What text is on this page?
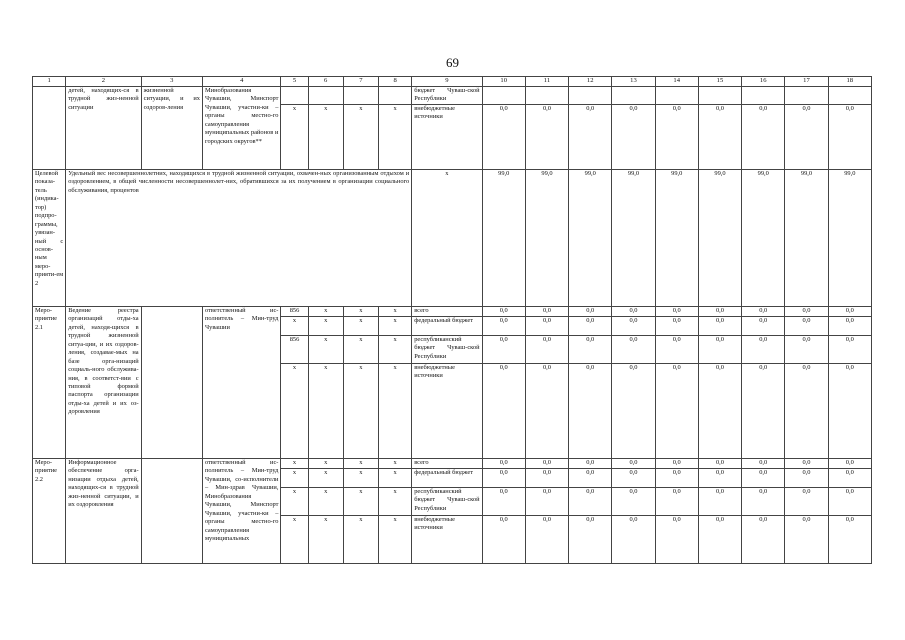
69
1	2	3	4	5	6	7	8	9	10	11	12	13	14	15	16	17	18
	детей, находящих-ся в трудной жиз-ненной ситуации	жизненной ситуации, и их оздоров-ления	Минобразования Чувашии, Минспорт Чувашии, участни-ки – органы местно-го самоуправления муниципальных районов и городских округов**					бюджет Чуваш-ской Республики									
				х	х	х	х	внебюджетные источники	0,0	0,0	0,0	0,0	0,0	0,0	0,0	0,0	0,0
Целевой показа-тель (индика-тор) подпро-граммы, увязан-ный с основ-ным меро-прияти-ем 2	Удельный вес несовершеннолетних, находящихся в трудной жизненной ситуации, охвачен-ных организованным отдыхом и оздоровлением, в общей численности несовершеннолет-них, обратившихся за их получением в организации социального обслуживания, процентов							х	99,0	99,0	99,0	99,0	99,0	99,0	99,0	99,0	99,0
Меро-приятие 2.1	Ведение реестра организаций отды-ха детей, находя-щихся в трудной жизненной ситуа-ции, и их оздоров-ления, создавае-мых на базе орга-низаций социаль-ного обслужива-ния, в соответст-вии с типовой формой паспорта организации отды-ха детей и их оз-доровления		ответственный ис-полнитель – Мин-труд Чувашии	856	х	х	х	всего	0,0	0,0	0,0	0,0	0,0	0,0	0,0	0,0	0,0
				х	х	х	х	федеральный бюджет	0,0	0,0	0,0	0,0	0,0	0,0	0,0	0,0	0,0
				856	х	х	х	республиканский бюджет Чуваш-ской Республики	0,0	0,0	0,0	0,0	0,0	0,0	0,0	0,0	0,0
				х	х	х	х	внебюджетные источники	0,0	0,0	0,0	0,0	0,0	0,0	0,0	0,0	0,0
Меро-приятие 2.2	Информационное обеспечение орга-низации отдыха детей, находящих-ся в трудной жиз-ненной ситуации, и их оздоровления		ответственный ис-полнитель – Мин-труд Чувашии, со-исполнители – Мин-здрав Чувашии, Минобразования Чувашии, Минспорт Чувашии, участни-ки – органы местно-го самоуправления муниципальных	х	х	х	х	всего	0,0	0,0	0,0	0,0	0,0	0,0	0,0	0,0	0,0
				х	х	х	х	федеральный бюджет	0,0	0,0	0,0	0,0	0,0	0,0	0,0	0,0	0,0
				х	х	х	х	республиканский бюджет Чуваш-ской Республики	0,0	0,0	0,0	0,0	0,0	0,0	0,0	0,0	0,0
				х	х	х	х	внебюджетные источники	0,0	0,0	0,0	0,0	0,0	0,0	0,0	0,0	0,0
